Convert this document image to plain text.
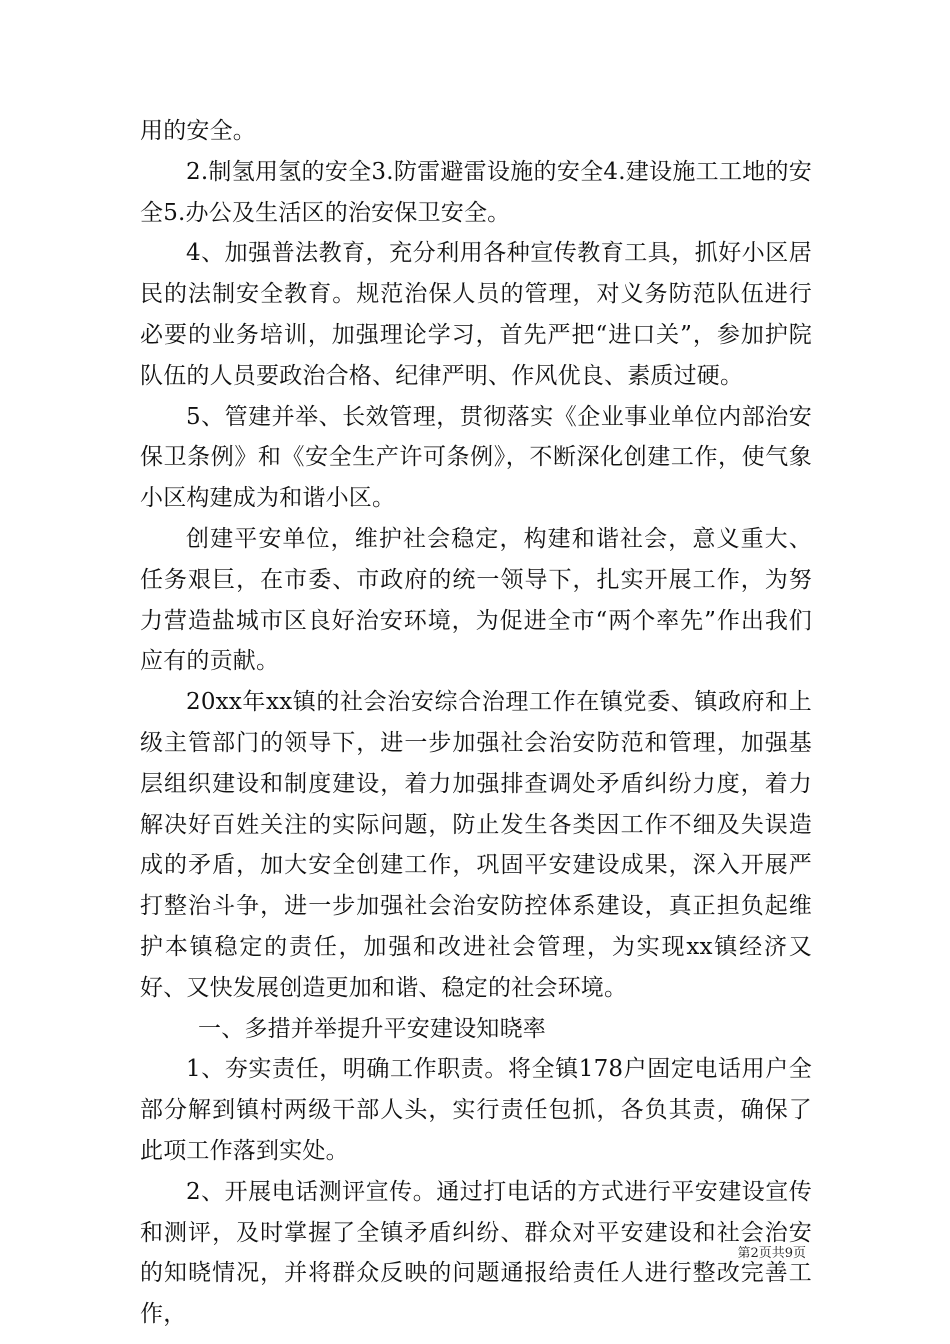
用的安全。

2.制氢用氢的安全3.防雷避雷设施的安全4.建设施工工地的安全5.办公及生活区的治安保卫安全。

4、加强普法教育，充分利用各种宣传教育工具，抓好小区居民的法制安全教育。规范治保人员的管理，对义务防范队伍进行必要的业务培训，加强理论学习，首先严把“进口关”，参加护院队伍的人员要政治合格、纪律严明、作风优良、素质过硬。

5、管建并举、长效管理，贯彻落实《企业事业单位内部治安保卫条例》和《安全生产许可条例》，不断深化创建工作，使气象小区构建成为和谐小区。

创建平安单位，维护社会稳定，构建和谐社会，意义重大、任务艰巨，在市委、市政府的统一领导下，扎实开展工作，为努力营造盐城市区良好治安环境，为促进全市“两个率先”作出我们应有的贡献。

20xx年xx镇的社会治安综合治理工作在镇党委、镇政府和上级主管部门的领导下，进一步加强社会治安防范和管理，加强基层组织建设和制度建设，着力加强排查调处矛盾纠纷力度，着力解决好百姓关注的实际问题，防止发生各类因工作不细及失误造成的矛盾，加大安全创建工作，巩固平安建设成果，深入开展严打整治斗争，进一步加强社会治安防控体系建设，真正担负起维护本镇稳定的责任，加强和改进社会管理，为实现xx镇经济又好、又快发展创造更加和谐、稳定的社会环境。

一、多措并举提升平安建设知晓率

1、夯实责任，明确工作职责。将全镇178户固定电话用户全部分解到镇村两级干部人头，实行责任包抓，各负其责，确保了此项工作落到实处。

2、开展电话测评宣传。通过打电话的方式进行平安建设宣传和测评，及时掌握了全镇矛盾纠纷、群众对平安建设和社会治安的知晓情况，并将群众反映的问题通报给责任人进行整改完善工作，

第2页共9页
